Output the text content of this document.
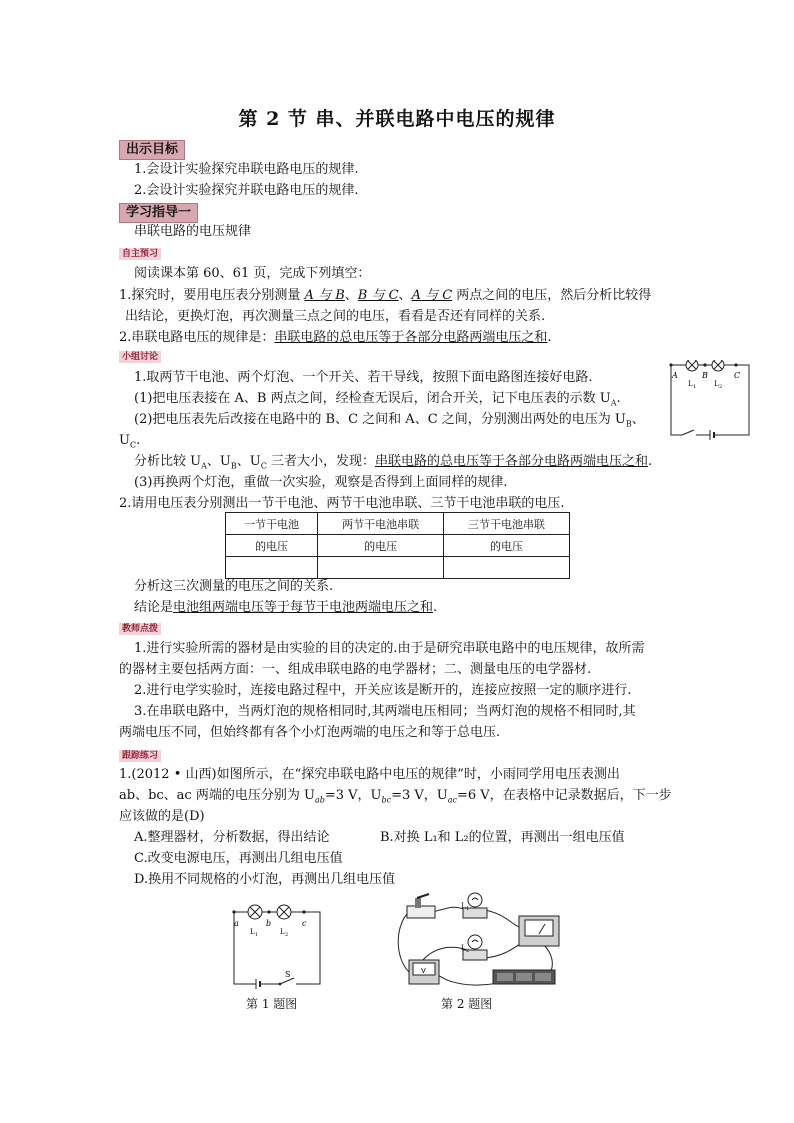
第 2 节 串、并联电路中电压的规律
出示目标
1.会设计实验探究串联电路电压的规律.
2.会设计实验探究并联电路电压的规律.
学习指导一
串联电路的电压规律
自主预习
阅读课本第 60、61 页，完成下列填空：
1.探究时，要用电压表分别测量 A 与 B、B 与 C、A 与 C 两点之间的电压，然后分析比较得
出结论，更换灯泡，再次测量三点之间的电压，看看是否还有同样的关系.
2.串联电路电压的规律是：串联电路的总电压等于各部分电路两端电压之和.
小组讨论
1.取两节干电池、两个灯泡、一个开关、若干导线，按照下面电路图连接好电路.
(1)把电压表接在 A、B 两点之间，经检查无误后，闭合开关，记下电压表的示数 $U_A$.
(2)把电压表先后改接在电路中的 B、C 之间和 A、C 之间，分别测出两处的电压为 $U_B$、
$U_C$.
分析比较 $U_A$、$U_B$、$U_C$ 三者大小，发现：串联电路的总电压等于各部分电路两端电压之和.
(3)再换两个灯泡，重做一次实验，观察是否得到上面同样的规律.
2.请用电压表分别测出一节干电池、两节干电池串联、三节干电池串联的电压.
一节干电池	两节干电池串联	三节干电池串联
的电压	的电压	的电压

分析这三次测量的电压之间的关系.
结论是电池组两端电压等于每节干电池两端电压之和.
教师点拨
1.进行实验所需的器材是由实验的目的决定的.由于是研究串联电路中的电压规律，故所需
的器材主要包括两方面：一、组成串联电路的电学器材；二、测量电压的电学器材.
2.进行电学实验时，连接电路过程中，开关应该是断开的，连接应按照一定的顺序进行.
3.在串联电路中，当两灯泡的规格相同时,其两端电压相同；当两灯泡的规格不相同时,其
两端电压不同，但始终都有各个小灯泡两端的电压之和等于总电压.
跟踪练习
1.(2012 • 山西)如图所示，在“探究串联电路中电压的规律”时，小雨同学用电压表测出
ab、bc、ac 两端的电压分别为 $U_{ab}=3$ V，$U_{bc}=3$ V，$U_{ac}=6$ V，在表格中记录数据后，下一步
应该做的是(D)
A.整理器材，分析数据，得出结论	B.对换 L₁和 L₂的位置，再测出一组电压值
C.改变电源电压，再测出几组电压值
D.换用不同规格的小灯泡，再测出几组电压值
A	B	C
L 1	L 2
a	b	c
L 1	L 2
S
第 1 题图
L 1
L 2
V
第 2 题图
